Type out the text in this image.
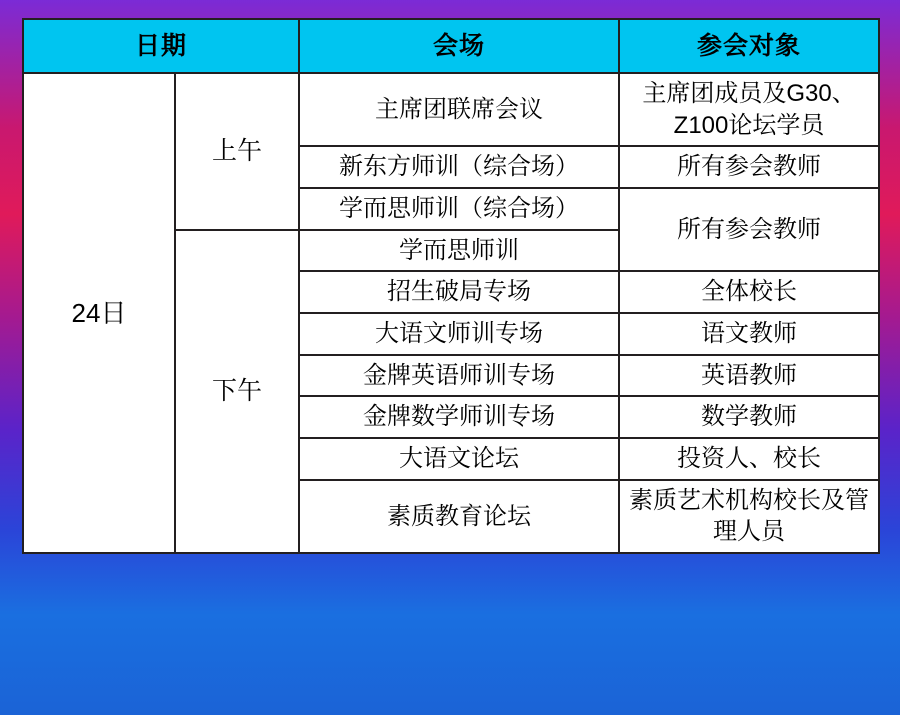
日期		会场	参会对象
24日	上午	主席团联席会议	主席团成员及G30、Z100论坛学员
		新东方师训（综合场）	所有参会教师
		学而思师训（综合场）	所有参会教师
	下午	学而思师训	
		招生破局专场	全体校长
		大语文师训专场	语文教师
		金牌英语师训专场	英语教师
		金牌数学师训专场	数学教师
		大语文论坛	投资人、校长
		素质教育论坛	素质艺术机构校长及管理人员
